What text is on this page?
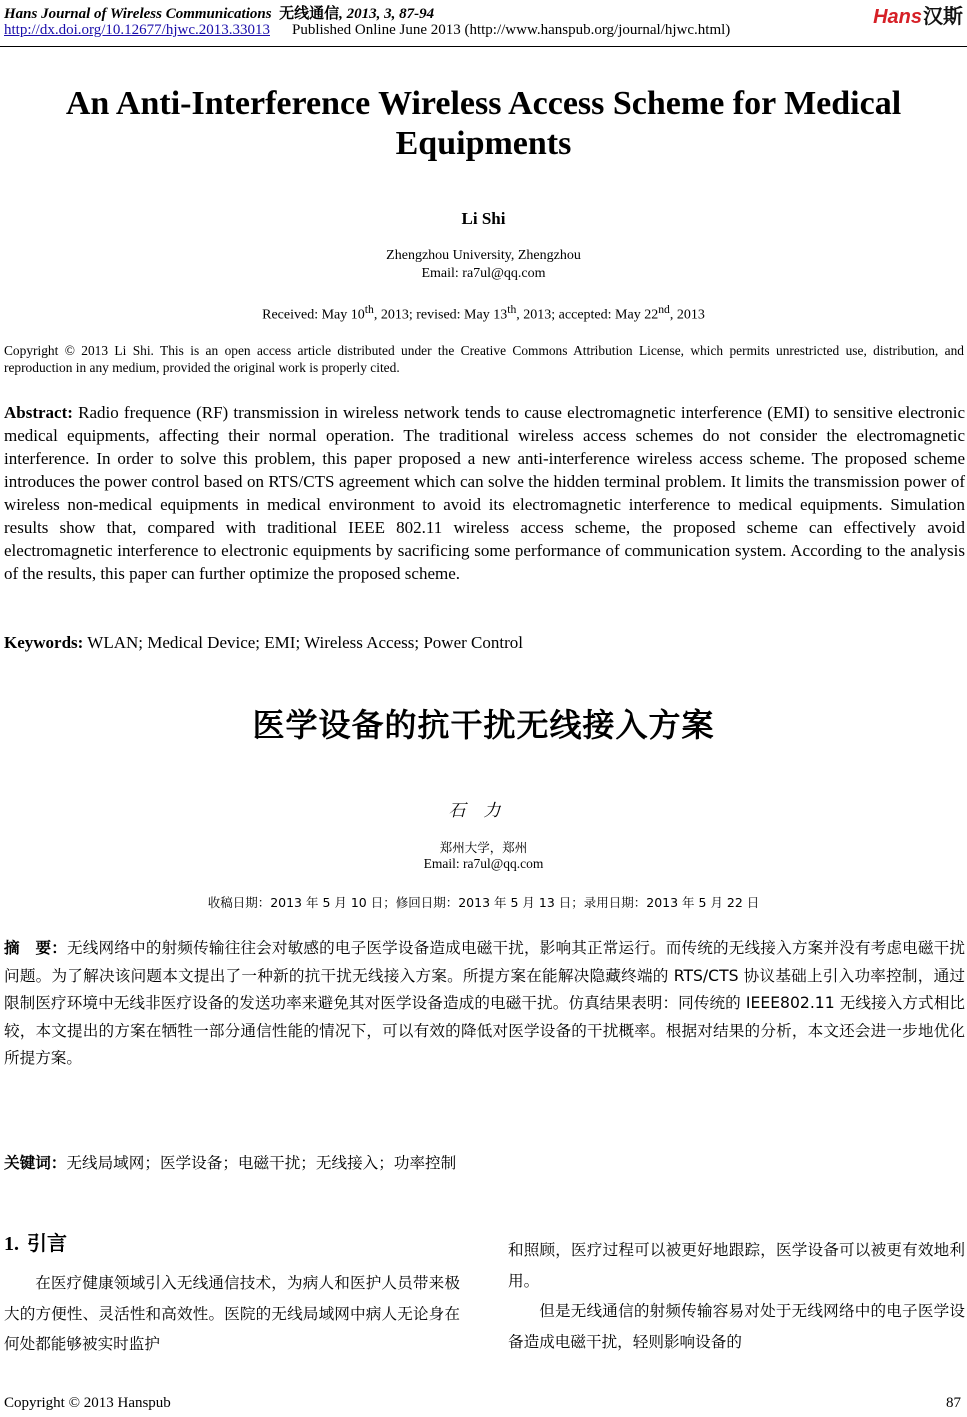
Hans Journal of Wireless Communications 无线通信, 2013, 3, 87-94	Hans汉斯
http://dx.doi.org/10.12677/hjwc.2013.33013 Published Online June 2013 (http://www.hanspub.org/journal/hjwc.html)
An Anti-Interference Wireless Access Scheme for Medical Equipments
Li Shi
Zhengzhou University, Zhengzhou
Email: ra7ul@qq.com
Received: May 10th, 2013; revised: May 13th, 2013; accepted: May 22nd, 2013
Copyright © 2013 Li Shi. This is an open access article distributed under the Creative Commons Attribution License, which permits unrestricted use, distribution, and reproduction in any medium, provided the original work is properly cited.
Abstract: Radio frequence (RF) transmission in wireless network tends to cause electromagnetic interference (EMI) to sensitive electronic medical equipments, affecting their normal operation. The traditional wireless access schemes do not consider the electromagnetic interference. In order to solve this problem, this paper proposed a new anti-interference wireless access scheme. The proposed scheme introduces the power control based on RTS/CTS agreement which can solve the hidden terminal problem. It limits the transmission power of wireless non-medical equipments in medical environment to avoid its electromagnetic interference to medical equipments. Simulation results show that, compared with traditional IEEE 802.11 wireless access scheme, the proposed scheme can effectively avoid electromagnetic interference to electronic equipments by sacrificing some performance of communication system. According to the analysis of the results, this paper can further optimize the proposed scheme.
Keywords: WLAN; Medical Device; EMI; Wireless Access; Power Control
医学设备的抗干扰无线接入方案
石力
郑州大学，郑州
Email: ra7ul@qq.com
收稿日期：2013 年 5 月 10 日；修回日期：2013 年 5 月 13 日；录用日期：2013 年 5 月 22 日
摘　要：无线网络中的射频传输往往会对敏感的电子医学设备造成电磁干扰，影响其正常运行。而传统的无线接入方案并没有考虑电磁干扰问题。为了解决该问题本文提出了一种新的抗干扰无线接入方案。所提方案在能解决隐藏终端的 RTS/CTS 协议基础上引入功率控制，通过限制医疗环境中无线非医疗设备的发送功率来避免其对医学设备造成的电磁干扰。仿真结果表明：同传统的 IEEE802.11 无线接入方式相比较，本文提出的方案在牺牲一部分通信性能的情况下，可以有效的降低对医学设备的干扰概率。根据对结果的分析，本文还会进一步地优化所提方案。
关键词：无线局域网；医学设备；电磁干扰；无线接入；功率控制
1. 引言

在医疗健康领域引入无线通信技术，为病人和医护人员带来极大的方便性、灵活性和高效性。医院的无线局域网中病人无论身在何处都能够被实时监护

和照顾，医疗过程可以被更好地跟踪，医学设备可以被更有效地利用。

但是无线通信的射频传输容易对处于无线网络中的电子医学设备造成电磁干扰，轻则影响设备的

Copyright © 2013 Hanspub	87
